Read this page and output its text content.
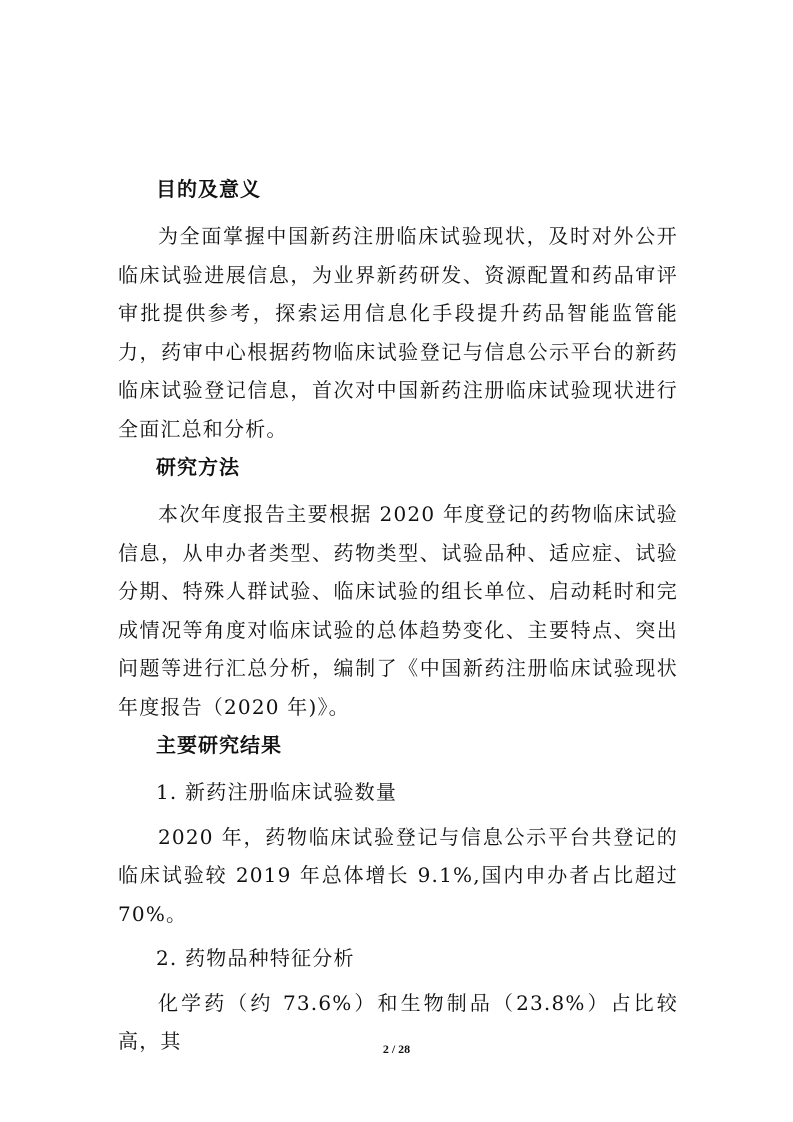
目的及意义

为全面掌握中国新药注册临床试验现状，及时对外公开临床试验进展信息，为业界新药研发、资源配置和药品审评审批提供参考，探索运用信息化手段提升药品智能监管能力，药审中心根据药物临床试验登记与信息公示平台的新药临床试验登记信息，首次对中国新药注册临床试验现状进行全面汇总和分析。

研究方法

本次年度报告主要根据 2020 年度登记的药物临床试验信息，从申办者类型、药物类型、试验品种、适应症、试验分期、特殊人群试验、临床试验的组长单位、启动耗时和完成情况等角度对临床试验的总体趋势变化、主要特点、突出问题等进行汇总分析，编制了《中国新药注册临床试验现状年度报告（2020 年)》。

主要研究结果
1. 新药注册临床试验数量

2020 年，药物临床试验登记与信息公示平台共登记的临床试验较 2019 年总体增长 9.1%,国内申办者占比超过 70%。

2. 药物品种特征分析

化学药（约 73.6%）和生物制品（23.8%）占比较高，其	2 / 28
